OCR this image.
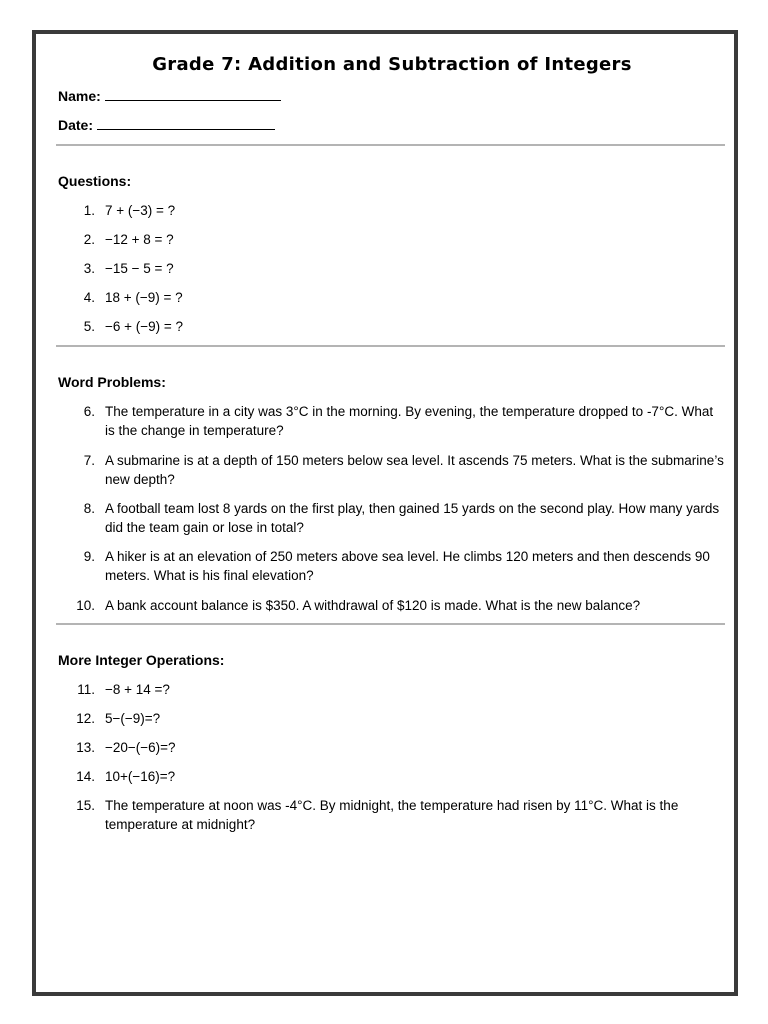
Grade 7: Addition and Subtraction of Integers
Name:
Date:
Questions:
1. 7 + (−3) = ?
2. −12 + 8 = ?
3. −15 − 5 = ?
4. 18 + (−9) = ?
5. −6 + (−9) = ?
Word Problems:
6. The temperature in a city was 3°C in the morning. By evening, the temperature dropped to -7°C. What is the change in temperature?
7. A submarine is at a depth of 150 meters below sea level. It ascends 75 meters. What is the submarine’s new depth?
8. A football team lost 8 yards on the first play, then gained 15 yards on the second play. How many yards did the team gain or lose in total?
9. A hiker is at an elevation of 250 meters above sea level. He climbs 120 meters and then descends 90 meters. What is his final elevation?
10. A bank account balance is $350. A withdrawal of $120 is made. What is the new balance?
More Integer Operations:
11. −8 + 14 =?
12. 5−(−9)=?
13. −20−(−6)=?
14. 10+(−16)=?
15. The temperature at noon was -4°C. By midnight, the temperature had risen by 11°C. What is the temperature at midnight?
